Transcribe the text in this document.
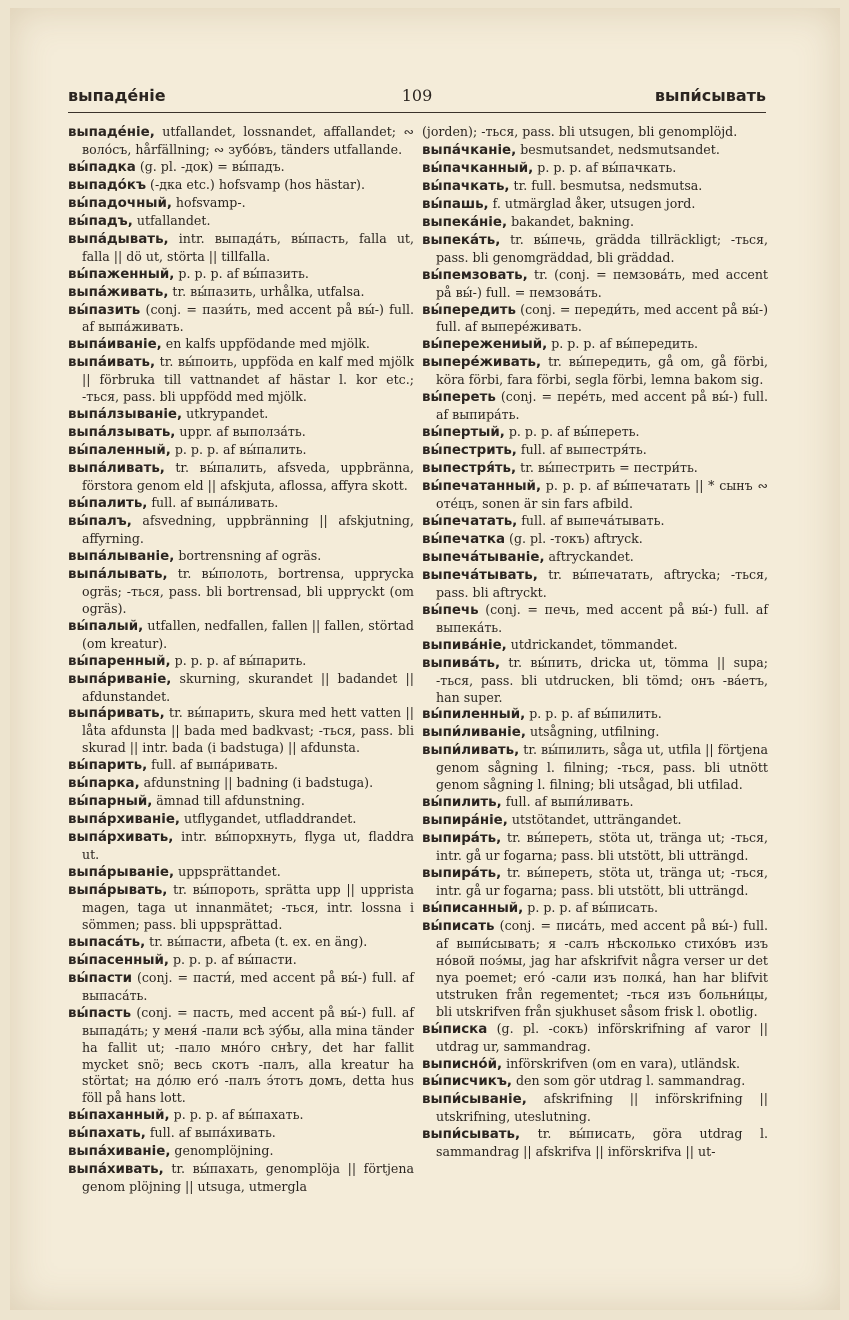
выпаде́ніе	109	выпи́сывать

выпаде́ніе, utfallandet, lossnandet, affallandet; ∾ воло́съ, hårfällning; ∾ зубо́въ, tänders utfallande.

вы́падка (g. pl. -док) = вы́падъ.

выпадо́къ (-дка etc.) hofsvamp (hos hästar).

вы́падочный, hofsvamp-.

вы́падъ, utfallandet.

выпа́дывать, intr. выпада́ть, вы́пасть, falla ut, falla || dö ut, störta || tillfalla.

вы́паженный, p. p. p. af вы́пазить.

выпа́живать, tr. вы́пазить, urhålka, utfalsa.

вы́пазить (conj. = пази́ть, med accent på вы́-) full. af выпа́живать.

выпа́иваніе, en kalfs uppfödande med mjölk.

выпа́ивать, tr. вы́поить, uppföda en kalf med mjölk || förbruka till vattnandet af hästar l. kor etc.; -ться, pass. bli uppfödd med mjölk.

выпа́лзываніе, utkrypandet.

выпа́лзывать, uppr. af выполза́ть.

вы́паленный, p. p. p. af вы́палить.

выпа́ливать, tr. вы́палить, afsveda, uppbränna, förstora genom eld || afskjuta, aflossa, affyra skott.

вы́палить, full. af выпа́ливать.

вы́палъ, afsvedning, uppbränning || afskjutning, affyrning.

выпа́лываніе, bortrensning af ogräs.

выпа́лывать, tr. вы́полоть, bortrensa, upprycka ogräs; -ться, pass. bli bortrensad, bli uppryckt (om ogräs).

вы́палый, utfallen, nedfallen, fallen || fallen, störtad (om kreatur).

вы́паренный, p. p. p. af вы́парить.

выпа́риваніе, skurning, skurandet || badandet || afdunstandet.

выпа́ривать, tr. вы́парить, skura med hett vatten || låta afdunsta || bada med badkvast; -ться, pass. bli skurad || intr. bada (i badstuga) || afdunsta.

вы́парить, full. af выпа́ривать.

вы́парка, afdunstning || badning (i badstuga).

вы́парный, ämnad till afdunstning.

выпа́рхиваніе, utflygandet, utfladdrandet.

выпа́рхивать, intr. вы́порхнуть, flyga ut, fladdra ut.

выпа́рываніе, uppsprättandet.

выпа́рывать, tr. вы́пороть, sprätta upp || upprista magen, taga ut innanmätet; -ться, intr. lossna i sömmen; pass. bli uppsprättad.

выпаса́ть, tr. вы́пасти, afbeta (t. ex. en äng).

вы́пасенный, p. p. p. af вы́пасти.

вы́пасти (conj. = пасти́, med accent på вы́-) full. af выпаса́ть.

вы́пасть (conj. = пасть, med accent på вы́-) full. af выпада́ть; у меня́ -пали всѣ зу́бы, alla mina tänder ha fallit ut; -пало мно́го снѣгу, det har fallit mycket snö; весь скотъ -палъ, alla kreatur ha störtat; на до́лю его́ -палъ э́тотъ домъ, detta hus föll på hans lott.

вы́паханный, p. p. p. af вы́пахать.

вы́пахать, full. af выпа́хивать.

выпа́хиваніе, genomplöjning.

выпа́хивать, tr. вы́пахать, genomplöja || förtjena genom plöjning || utsuga, utmergla

(jorden); -ться, pass. bli utsugen, bli genomplöjd.

выпа́чканіе, besmutsandet, nedsmutsandet.

вы́пачканный, p. p. p. af вы́пачкать.

вы́пачкать, tr. full. besmutsa, nedsmutsa.

вы́пашь, f. utmärglad åker, utsugen jord.

выпека́ніе, bakandet, bakning.

выпека́ть, tr. вы́печь, grädda tillräckligt; -ться, pass. bli genomgräddad, bli gräddad.

вы́пемзовать, tr. (conj. = пемзова́ть, med accent på вы́-) full. = пемзова́ть.

вы́передить (conj. = переди́ть, med accent på вы́-) full. af выпере́живать.

вы́пережениый, p. p. p. af вы́передить.

выпере́живать, tr. вы́передить, gå om, gå förbi, köra förbi, fara förbi, segla förbi, lemna bakom sig.

вы́переть (conj. = пере́ть, med accent på вы́-) full. af выпира́ть.

вы́пертый, p. p. p. af вы́переть.

вы́пестрить, full. af выпестря́ть.

выпестря́ть, tr. вы́пестрить = пестри́ть.

вы́печатанный, p. p. p. af вы́печатать || * сынъ ∾ оте́цъ, sonen är sin fars afbild.

вы́печатать, full. af выпеча́тывать.

вы́печатка (g. pl. -токъ) aftryck.

выпеча́тываніе, aftryckandet.

выпеча́тывать, tr. вы́печатать, aftrycka; -ться, pass. bli aftryckt.

вы́печь (conj. = печь, med accent på вы́-) full. af выпека́ть.

выпива́ніе, utdrickandet, tömmandet.

выпива́ть, tr. вы́пить, dricka ut, tömma || supa; -ться, pass. bli utdrucken, bli tömd; онъ -ва́етъ, han super.

вы́пиленный, p. p. p. af вы́пилить.

выпи́ливаніе, utsågning, utfilning.

выпи́ливать, tr. вы́пилить, såga ut, utfila || förtjena genom sågning l. filning; -ться, pass. bli utnött genom sågning l. filning; bli utsågad, bli utfilad.

вы́пилить, full. af выпи́ливать.

выпира́ніе, utstötandet, utträngandet.

выпира́ть, tr. вы́переть, stöta ut, tränga ut; -ться, intr. gå ur fogarna; pass. bli utstött, bli utträngd.

выпира́ть, tr. вы́переть, stöta ut, tränga ut; -ться, intr. gå ur fogarna; pass. bli utstött, bli utträngd.

вы́писанный, p. p. p. af вы́писать.

вы́писать (conj. = писа́ть, med accent på вы́-) full. af выпи́сывать; я -салъ нѣсколько стихо́въ изъ но́вой поэ́мы, jag har afskrifvit några verser ur det nya poemet; его́ -сали изъ полка́, han har blifvit utstruken från regementet; -ться изъ больни́цы, bli utskrifven från sjukhuset såsom frisk l. obotlig.

вы́писка (g. pl. -сокъ) införskrifning af varor || utdrag ur, sammandrag.

выписно́й, införskrifven (om en vara), utländsk.

вы́писчикъ, den som gör utdrag l. sammandrag.

выпи́сываніе, afskrifning || införskrifning || utskrifning, uteslutning.

выпи́сывать, tr. вы́писать, göra utdrag l. sammandrag || afskrifva || införskrifva || ut-
